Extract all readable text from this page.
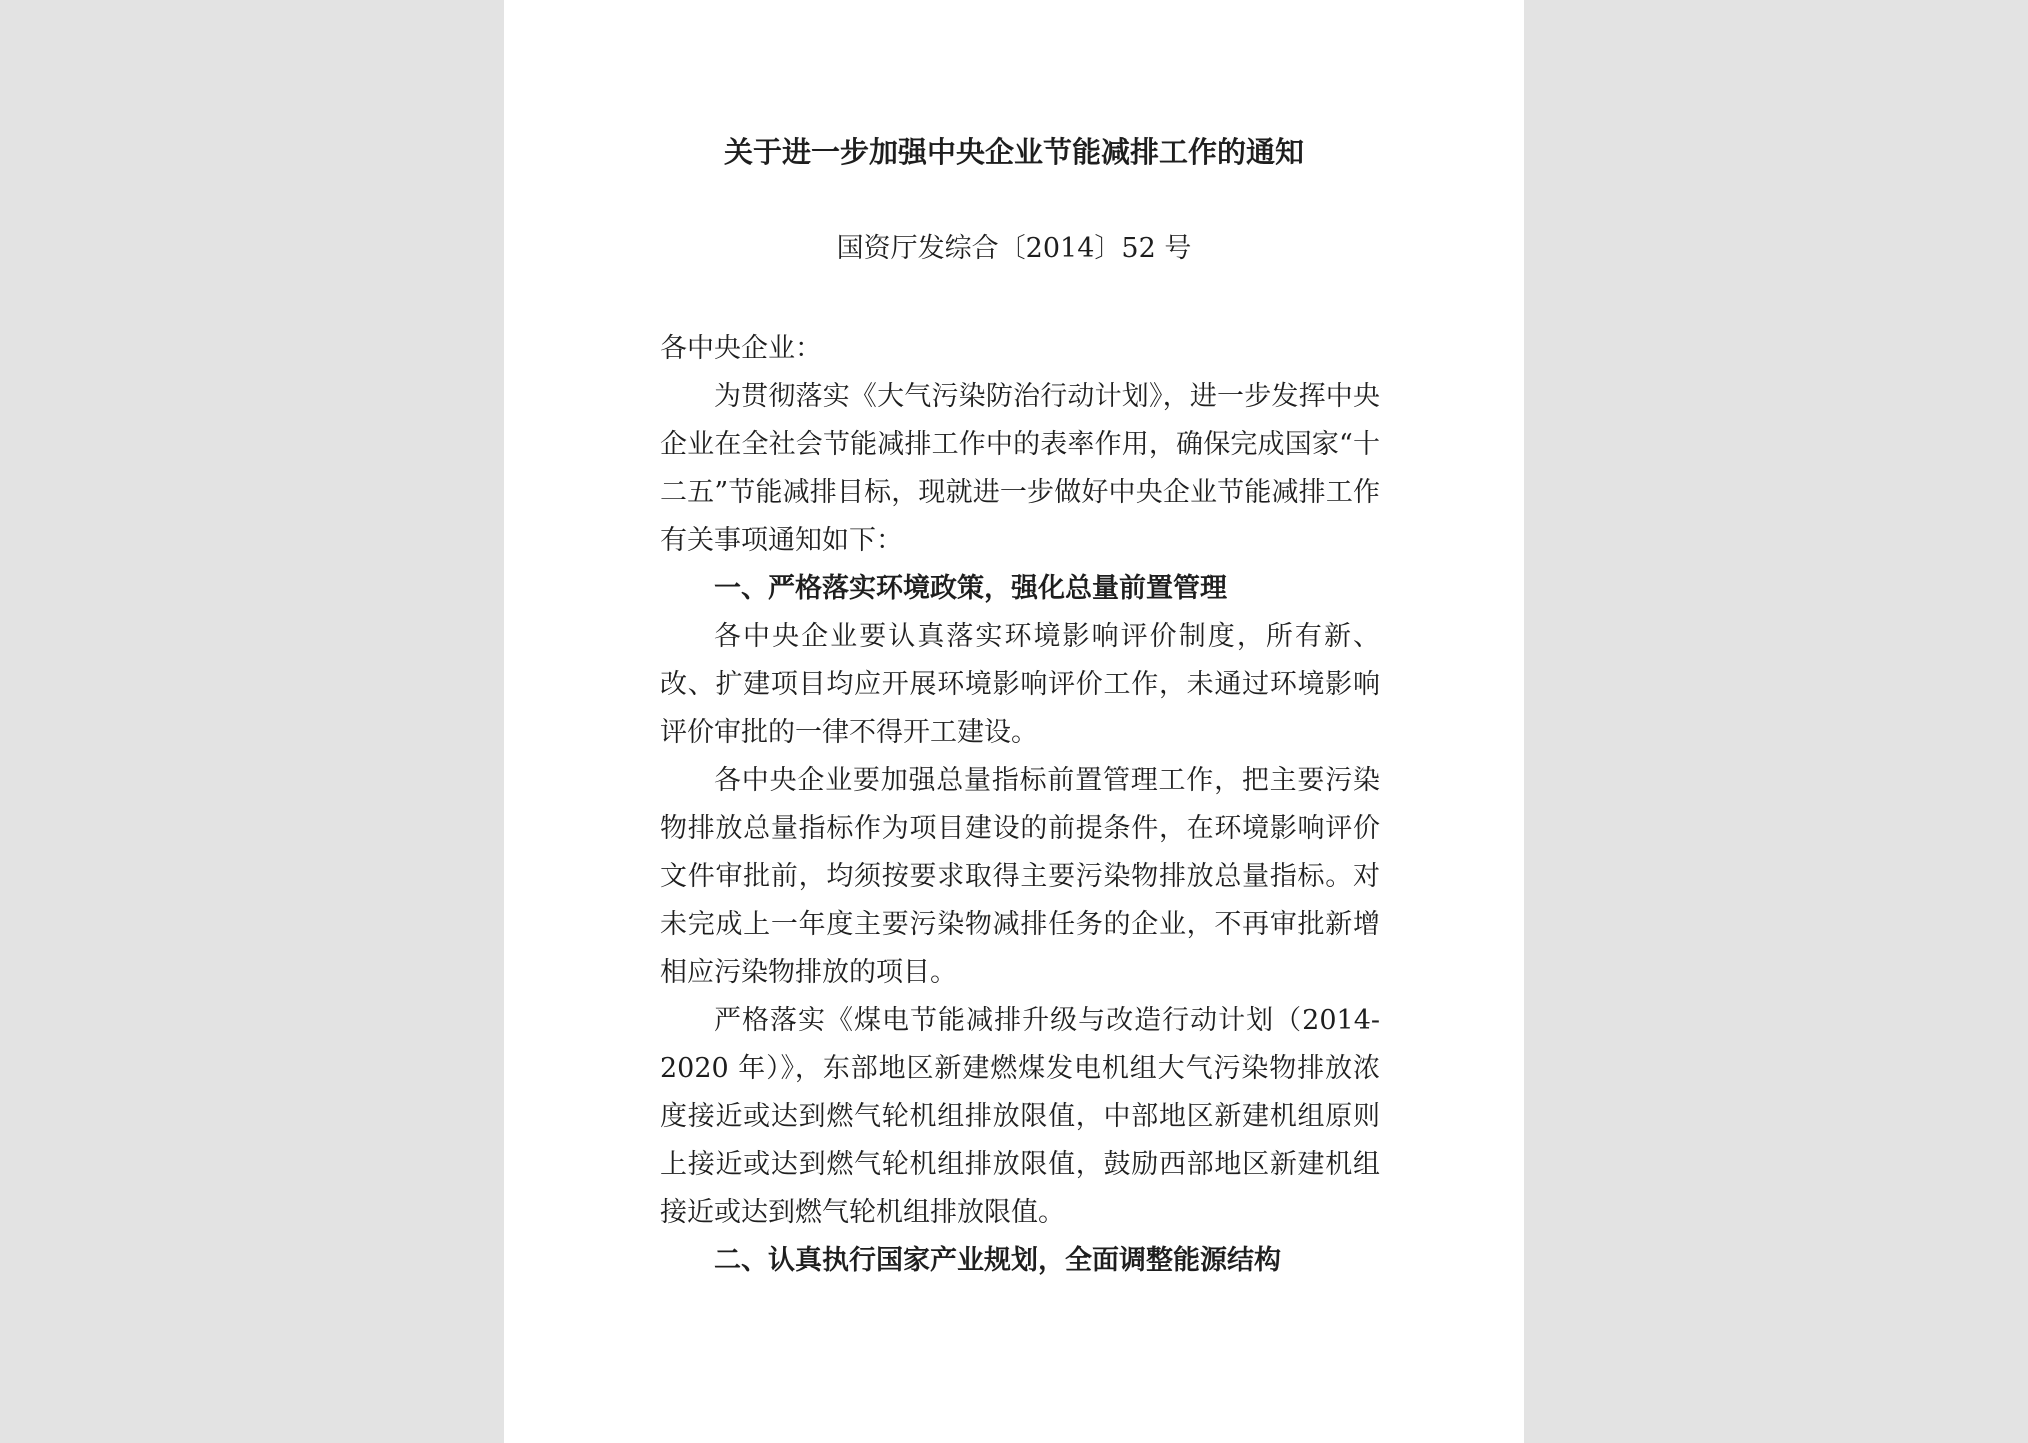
关于进一步加强中央企业节能减排工作的通知
国资厅发综合〔2014〕52 号

各中央企业：

为贯彻落实《大气污染防治行动计划》，进一步发挥中央企业在全社会节能减排工作中的表率作用，确保完成国家“十二五”节能减排目标，现就进一步做好中央企业节能减排工作有关事项通知如下：

一、严格落实环境政策，强化总量前置管理

各中央企业要认真落实环境影响评价制度，所有新、改、扩建项目均应开展环境影响评价工作，未通过环境影响评价审批的一律不得开工建设。

各中央企业要加强总量指标前置管理工作，把主要污染物排放总量指标作为项目建设的前提条件，在环境影响评价文件审批前，均须按要求取得主要污染物排放总量指标。对未完成上一年度主要污染物减排任务的企业，不再审批新增相应污染物排放的项目。

严格落实《煤电节能减排升级与改造行动计划（2014-2020 年）》，东部地区新建燃煤发电机组大气污染物排放浓度接近或达到燃气轮机组排放限值，中部地区新建机组原则上接近或达到燃气轮机组排放限值，鼓励西部地区新建机组接近或达到燃气轮机组排放限值。

二、认真执行国家产业规划，全面调整能源结构
